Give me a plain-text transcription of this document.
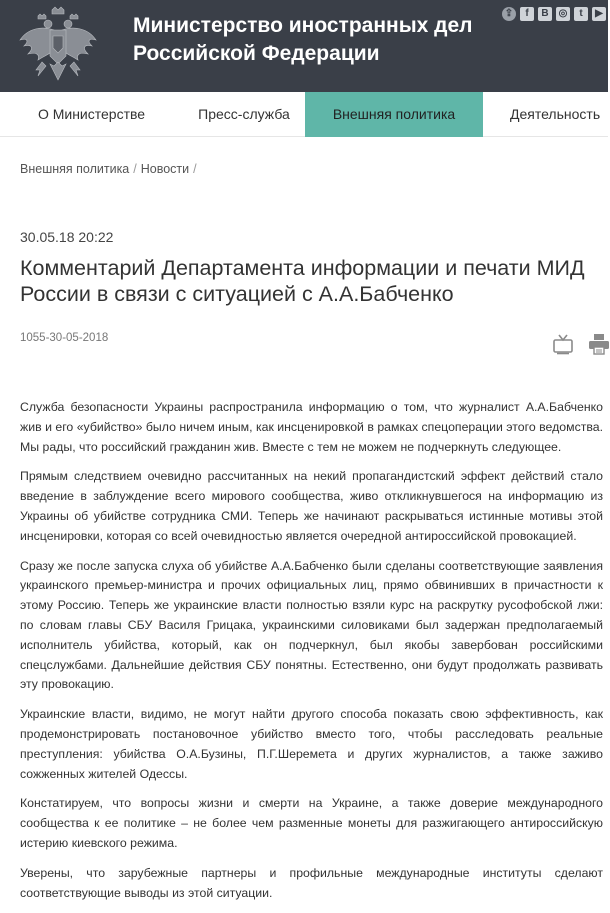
Министерство иностранных дел
Российской Федерации
⇪	f	B	◎	t	▶
О Министерстве	Пресс-служба	Внешняя политика	Деятельность
Внешняя политика / Новости /
30.05.18 20:22
Комментарий Департамента информации и печати МИД России в связи с ситуацией с А.А.Бабченко
1055-30-05-2018

Служба безопасности Украины распространила информацию о том, что журналист А.А.Бабченко жив и его «убийство» было ничем иным, как инсценировкой в рамках спецоперации этого ведомства. Мы рады, что российский гражданин жив. Вместе с тем не можем не подчеркнуть следующее.

Прямым следствием очевидно рассчитанных на некий пропагандистский эффект действий стало введение в заблуждение всего мирового сообщества, живо откликнувшегося на информацию из Украины об убийстве сотрудника СМИ. Теперь же начинают раскрываться истинные мотивы этой инсценировки, которая со всей очевидностью является очередной антироссийской провокацией.

Сразу же после запуска слуха об убийстве А.А.Бабченко были сделаны соответствующие заявления украинского премьер-министра и прочих официальных лиц, прямо обвинивших в причастности к этому Россию. Теперь же украинские власти полностью взяли курс на раскрутку русофобской лжи: по словам главы СБУ Василя Грицака, украинскими силовиками был задержан предполагаемый исполнитель убийства, который, как он подчеркнул, был якобы завербован российскими спецслужбами. Дальнейшие действия СБУ понятны. Естественно, они будут продолжать развивать эту провокацию.

Украинские власти, видимо, не могут найти другого способа показать свою эффективность, как продемонстрировать постановочное убийство вместо того, чтобы расследовать реальные преступления: убийства О.А.Бузины, П.Г.Шеремета и других журналистов, а также заживо сожженных жителей Одессы.

Констатируем, что вопросы жизни и смерти на Украине, а также доверие международного сообщества к ее политике – не более чем разменные монеты для разжигающего антироссийскую истерию киевского режима.

Уверены, что зарубежные партнеры и профильные международные институты сделают соответствующие выводы из этой ситуации.
